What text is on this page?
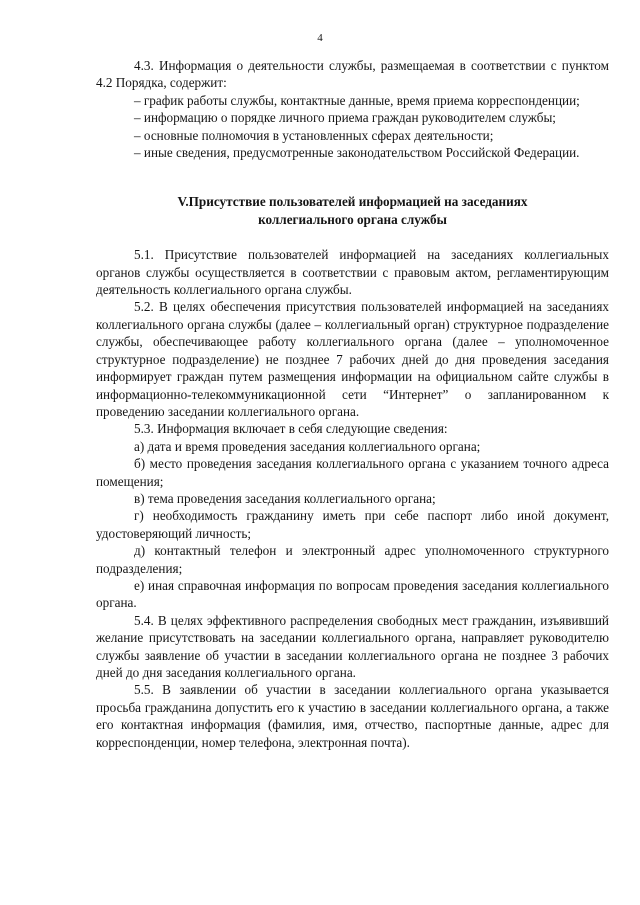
4

4.3. Информация о деятельности службы, размещаемая в соответствии с пунктом 4.2 Порядка, содержит:

– график работы службы, контактные данные, время приема корреспонденции;

– информацию о порядке личного приема граждан руководителем службы;

– основные полномочия в установленных сферах деятельности;

– иные сведения, предусмотренные законодательством Российской Федерации.

V.Присутствие пользователей информацией на заседаниях
коллегиального органа службы

5.1. Присутствие пользователей информацией на заседаниях коллегиальных органов службы осуществляется в соответствии с правовым актом, регламентирующим деятельность коллегиального органа службы.

5.2. В целях обеспечения присутствия пользователей информацией на заседаниях коллегиального органа службы (далее – коллегиальный орган) структурное подразделение службы, обеспечивающее работу коллегиального органа (далее – уполномоченное структурное подразделение) не позднее 7 рабочих дней до дня проведения заседания информирует граждан путем размещения информации на официальном сайте службы в информационно-телекоммуникационной сети “Интернет” о запланированном к проведению заседании коллегиального органа.

5.3. Информация включает в себя следующие сведения:

а) дата и время проведения заседания коллегиального органа;

б) место проведения заседания коллегиального органа с указанием точного адреса помещения;

в) тема проведения заседания коллегиального органа;

г) необходимость гражданину иметь при себе паспорт либо иной документ, удостоверяющий личность;

д) контактный телефон и электронный адрес уполномоченного структурного подразделения;

е) иная справочная информация по вопросам проведения заседания коллегиального органа.

5.4. В целях эффективного распределения свободных мест гражданин, изъявивший желание присутствовать на заседании коллегиального органа, направляет руководителю службы заявление об участии в заседании коллегиального органа не позднее 3 рабочих дней до дня заседания коллегиального органа.

5.5. В заявлении об участии в заседании коллегиального органа указывается просьба гражданина допустить его к участию в заседании коллегиального органа, а также его контактная информация (фамилия, имя, отчество, паспортные данные, адрес для корреспонденции, номер телефона, электронная почта).
